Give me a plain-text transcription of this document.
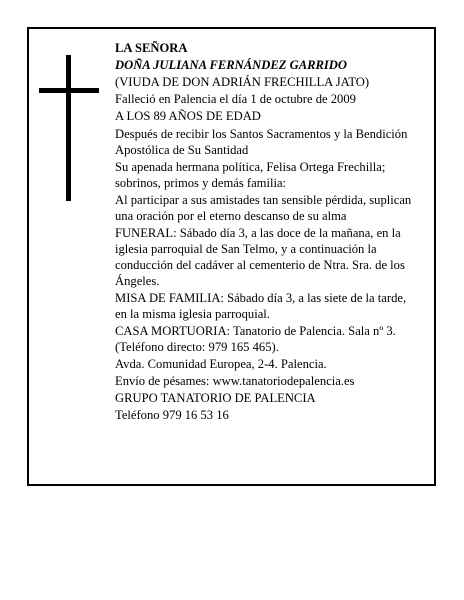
LA SEÑORA

DOÑA JULIANA FERNÁNDEZ GARRIDO

(VIUDA DE DON ADRIÁN FRECHILLA JATO)

Falleció en Palencia el día 1 de octubre de 2009

A LOS 89 AÑOS DE EDAD

Después de recibir los Santos Sacramentos y la Bendición Apostólica de Su Santidad

Su apenada hermana política, Felisa Ortega Frechilla; sobrinos, primos y demás familia:

Al participar a sus amistades tan sensible pérdida, suplican una oración por el eterno descanso de su alma

FUNERAL: Sábado día 3, a las doce de la mañana, en la iglesia parroquial de San Telmo, y a continuación la conducción del cadáver al cementerio de Ntra. Sra. de los Ángeles.

MISA DE FAMILIA: Sábado día 3, a las siete de la tarde, en la misma iglesia parroquial.

CASA MORTUORIA: Tanatorio de Palencia. Sala nº 3. (Teléfono directo: 979 165 465).

Avda. Comunidad Europea, 2-4. Palencia.

Envío de pésames: www.tanatoriodepalencia.es

GRUPO TANATORIO DE PALENCIA

Teléfono 979 16 53 16
